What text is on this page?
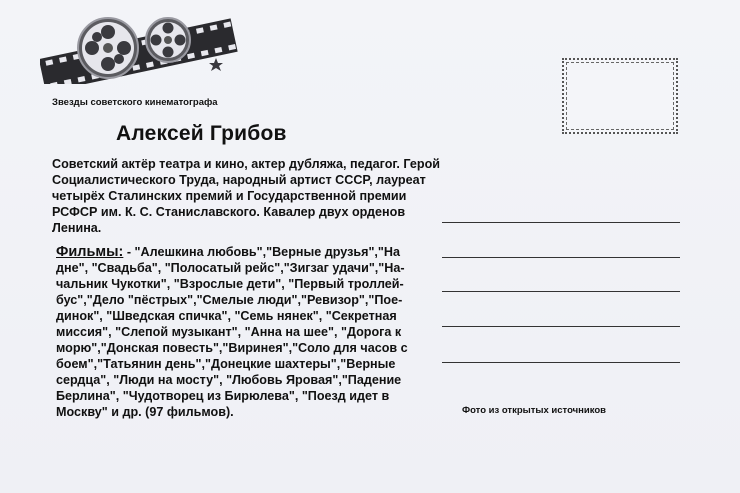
Звезды советского кинематографа
Алексей Грибов
Советский актёр театра и кино, актер дубляжа, педагог. Герой Социалистического Труда, народный артист СССР, лауреат четырёх Сталинских премий и Государственной премии РСФСР им. К. С. Станиславского. Кавалер двух орденов Ленина.
Фильмы: - "Алешкина любовь","Верные друзья","На дне", "Свадьба", "Полосатый рейс","Зигзаг удачи","На-чальник Чукотки", "Взрослые дети", "Первый троллей-бус","Дело "пёстрых","Смелые люди","Ревизор","Пое-динок", "Шведская спичка", "Семь нянек", "Секретная миссия", "Слепой музыкант", "Анна на шее", "Дорога к морю","Донская повесть","Виринея","Соло для часов с боем","Татьянин день","Донецкие шахтеры","Верные сердца", "Люди на мосту", "Любовь Яровая","Падение Берлина", "Чудотворец из Бирюлева", "Поезд идет в Москву" и др. (97 фильмов).	Фото из открытых источников
